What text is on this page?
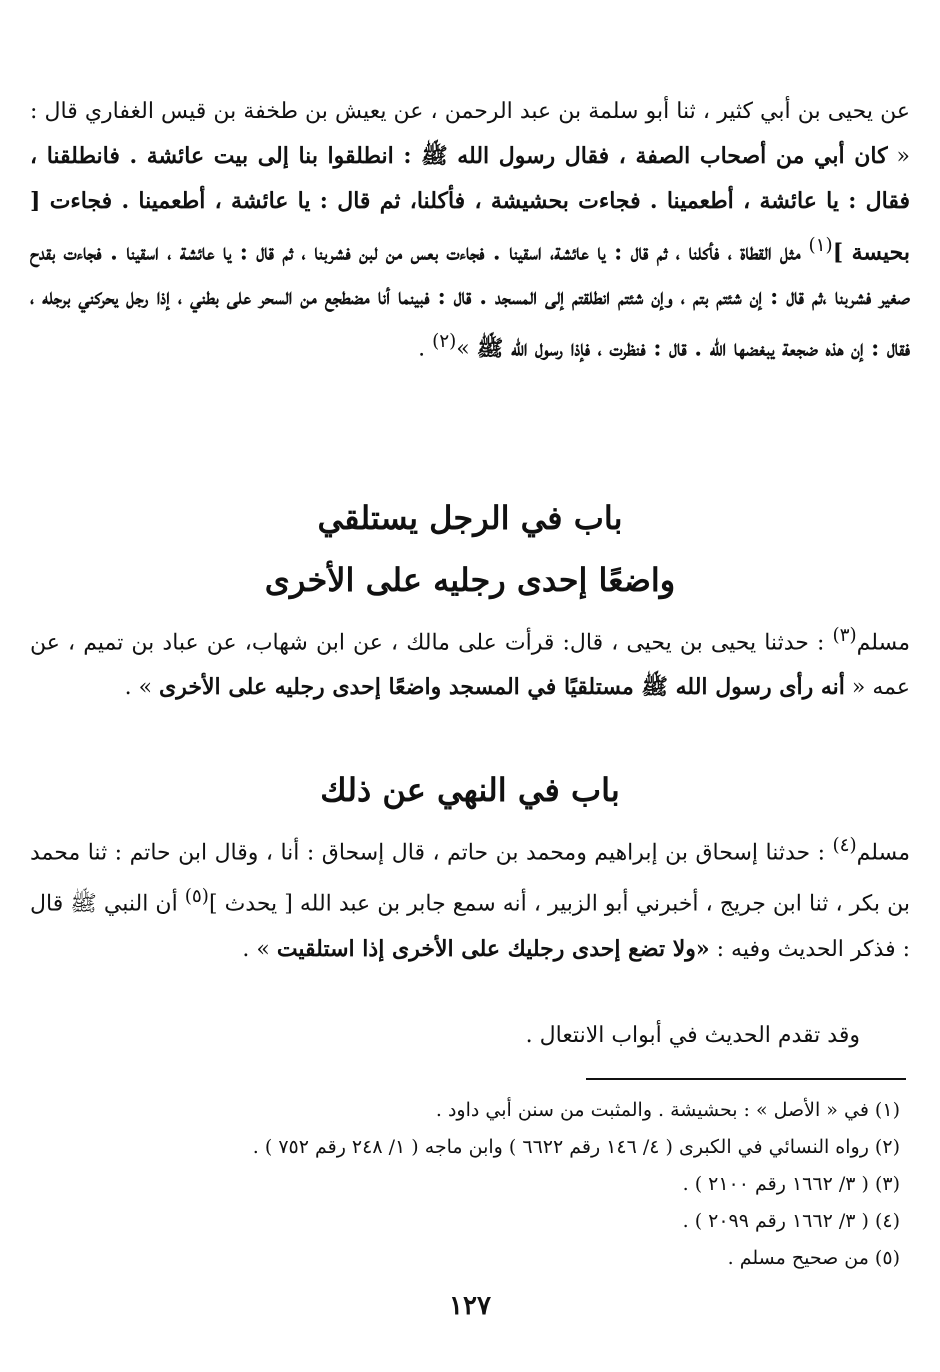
عن يحيى بن أبي كثير ، ثنا أبو سلمة بن عبد الرحمن ، عن يعيش بن طخفة بن قيس الغفاري قال : « كان أبي من أصحاب الصفة ، فقال رسول الله ﷺ : انطلقوا بنا إلى بيت عائشة . فانطلقنا ، فقال : يا عائشة ، أطعمينا . فجاءت بحشيشة ، فأكلنا، ثم قال : يا عائشة ، أطعمينا . فجاءت [ بحيسة ]$^{(١)}$ مثل القطاة ، فأكلنا ، ثم قال : يا عائشة، اسقينا . فجاءت بعس من لبن فشربنا ، ثم قال : يا عائشة ، اسقينا . فجاءت بقدح صغير فشربنا ،ثم قال : إن شئتم بتم ، وإن شئتم انطلقتم إلى المسجد . قال : فبينما أنا مضطجع من السحر على بطني ، إذا رجل يحركني برجله ، فقال : إن هذه ضجعة يبغضها الله . قال : فنظرت ، فإذا رسول الله ﷺ »$^{(٢)}$ .

باب في الرجل يستلقي
واضعًا إحدى رجليه على الأخرى

مسلم$^{(٣)}$ : حدثنا يحيى بن يحيى ، قال: قرأت على مالك ، عن ابن شهاب، عن عباد بن تميم ، عن عمه « أنه رأى رسول الله ﷺ مستلقيًا في المسجد واضعًا إحدى رجليه على الأخرى » .

باب في النهي عن ذلك

مسلم$^{(٤)}$ : حدثنا إسحاق بن إبراهيم ومحمد بن حاتم ، قال إسحاق : أنا ، وقال ابن حاتم : ثنا محمد بن بكر ، ثنا ابن جريج ، أخبرني أبو الزبير ، أنه سمع جابر بن عبد الله [ يحدث ]$^{(٥)}$ أن النبي ﷺ قال : فذكر الحديث وفيه : «ولا تضع إحدى رجليك على الأخرى إذا استلقيت » .

وقد تقدم الحديث في أبواب الانتعال .

(١) في « الأصل » : بحشيشة . والمثبت من سنن أبي داود .
(٢) رواه النسائي في الكبرى ( ٤/ ١٤٦ رقم ٦٦٢٢ ) وابن ماجه ( ١/ ٢٤٨ رقم ٧٥٢ ) .
(٣) ( ٣/ ١٦٦٢ رقم ٢١٠٠ ) .
(٤) ( ٣/ ١٦٦٢ رقم ٢٠٩٩ ) .
(٥) من صحيح مسلم .
١٢٧
